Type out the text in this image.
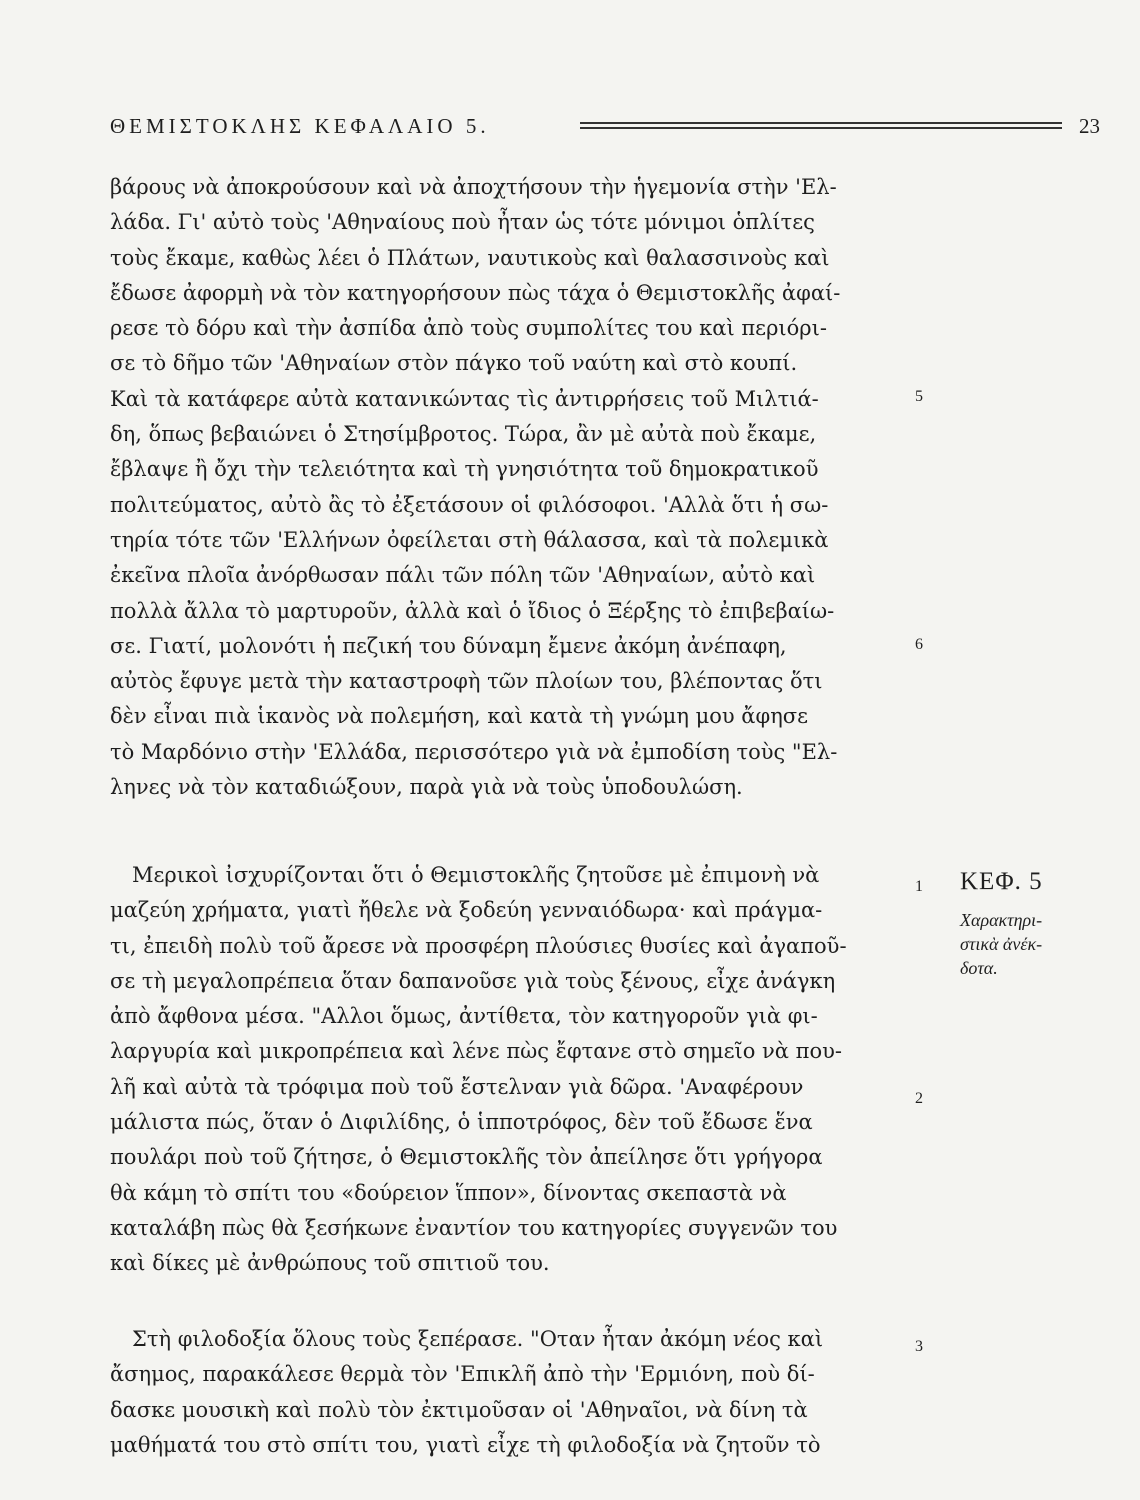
ΘΕΜΙΣΤΟΚΛΗΣ ΚΕΦΑΛΑΙΟ 5.	23
βάρους νὰ ἀποκρούσουν καὶ νὰ ἀποχτήσουν τὴν ἡγεμονία στὴν 'Ελ-
λάδα. Γι' αὐτὸ τοὺς 'Αθηναίους ποὺ ἦταν ὡς τότε μόνιμοι ὁπλίτες
τοὺς ἔκαμε, καθὼς λέει ὁ Πλάτων, ναυτικοὺς καὶ θαλασσινοὺς καὶ
ἔδωσε ἀφορμὴ νὰ τὸν κατηγορήσουν πὼς τάχα ὁ Θεμιστοκλῆς ἀφαί-
ρεσε τὸ δόρυ καὶ τὴν ἀσπίδα ἀπὸ τοὺς συμπολίτες του καὶ περιόρι-
σε τὸ δῆμο τῶν 'Αθηναίων στὸν πάγκο τοῦ ναύτη καὶ στὸ κουπί.
Καὶ τὰ κατάφερε αὐτὰ κατανικώντας τὶς ἀντιρρήσεις τοῦ Μιλτιά-
δη, ὅπως βεβαιώνει ὁ Στησίμβροτος. Τώρα, ἂν μὲ αὐτὰ ποὺ ἔκαμε,
ἔβλαψε ἢ ὄχι τὴν τελειότητα καὶ τὴ γνησιότητα τοῦ δημοκρατικοῦ
πολιτεύματος, αὐτὸ ἂς τὸ ἐξετάσουν οἱ φιλόσοφοι. 'Αλλὰ ὅτι ἡ σω-
τηρία τότε τῶν 'Ελλήνων ὀφείλεται στὴ θάλασσα, καὶ τὰ πολεμικὰ
ἐκεῖνα πλοῖα ἀνόρθωσαν πάλι τῶν πόλη τῶν 'Αθηναίων, αὐτὸ καὶ
πολλὰ ἄλλα τὸ μαρτυροῦν, ἀλλὰ καὶ ὁ ἴδιος ὁ Ξέρξης τὸ ἐπιβεβαίω-
σε. Γιατί, μολονότι ἡ πεζική του δύναμη ἔμενε ἀκόμη ἀνέπαφη,
αὐτὸς ἔφυγε μετὰ τὴν καταστροφὴ τῶν πλοίων του, βλέποντας ὅτι
δὲν εἶναι πιὰ ἱκανὸς νὰ πολεμήση, καὶ κατὰ τὴ γνώμη μου ἄφησε
τὸ Μαρδόνιο στὴν 'Ελλάδα, περισσότερο γιὰ νὰ ἐμποδίση τοὺς "Ελ-
ληνες νὰ τὸν καταδιώξουν, παρὰ γιὰ νὰ τοὺς ὑποδουλώση.
Μερικοὶ ἰσχυρίζονται ὅτι ὁ Θεμιστοκλῆς ζητοῦσε μὲ ἐπιμονὴ νὰ
μαζεύη χρήματα, γιατὶ ἤθελε νὰ ξοδεύη γενναιόδωρα· καὶ πράγμα-
τι, ἐπειδὴ πολὺ τοῦ ἄρεσε νὰ προσφέρη πλούσιες θυσίες καὶ ἀγαποῦ-
σε τὴ μεγαλοπρέπεια ὅταν δαπανοῦσε γιὰ τοὺς ξένους, εἶχε ἀνάγκη
ἀπὸ ἄφθονα μέσα. "Αλλοι ὅμως, ἀντίθετα, τὸν κατηγοροῦν γιὰ φι-
λαργυρία καὶ μικροπρέπεια καὶ λένε πὼς ἔφτανε στὸ σημεῖο νὰ που-
λῆ καὶ αὐτὰ τὰ τρόφιμα ποὺ τοῦ ἔστελναν γιὰ δῶρα. 'Αναφέρουν
μάλιστα πώς, ὅταν ὁ Διφιλίδης, ὁ ἱπποτρόφος, δὲν τοῦ ἔδωσε ἕνα
πουλάρι ποὺ τοῦ ζήτησε, ὁ Θεμιστοκλῆς τὸν ἀπείλησε ὅτι γρήγορα
θὰ κάμη τὸ σπίτι του «δούρειον ἵππον», δίνοντας σκεπαστὰ νὰ
καταλάβη πὼς θὰ ξεσήκωνε ἐναντίον του κατηγορίες συγγενῶν του
καὶ δίκες μὲ ἀνθρώπους τοῦ σπιτιοῦ του.
Στὴ φιλοδοξία ὅλους τοὺς ξεπέρασε. "Οταν ἦταν ἀκόμη νέος καὶ
ἄσημος, παρακάλεσε θερμὰ τὸν 'Επικλῆ ἀπὸ τὴν 'Ερμιόνη, ποὺ δί-
δασκε μουσικὴ καὶ πολὺ τὸν ἐκτιμοῦσαν οἱ 'Αθηναῖοι, νὰ δίνη τὰ
μαθήματά του στὸ σπίτι του, γιατὶ εἶχε τὴ φιλοδοξία νὰ ζητοῦν τὸ
5
6
1
2
3
ΚΕΦ. 5
Χαρακτηρι-
στικὰ ἀνέκ-
δοτα.
